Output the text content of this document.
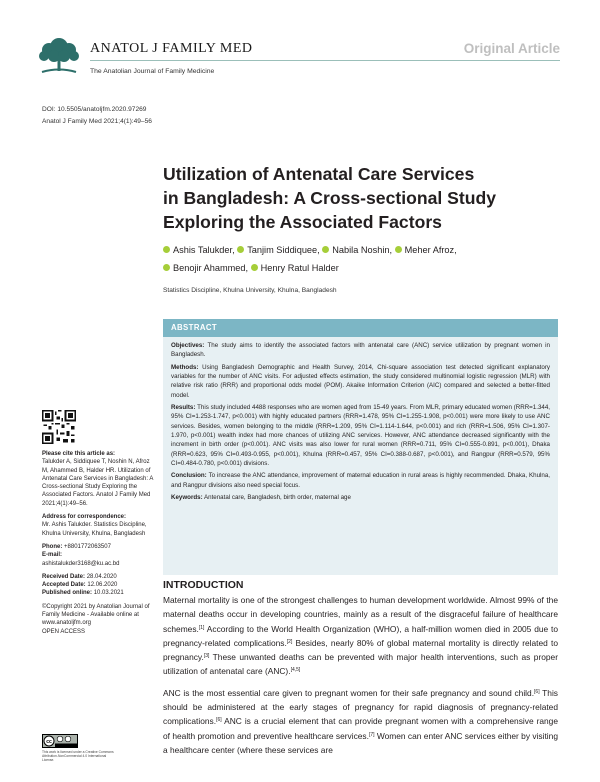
ANATOL J FAMILY MED
The Anatolian Journal of Family Medicine
Original Article
DOI: 10.5505/anatoljfm.2020.97269
Anatol J Family Med 2021;4(1):49–56
Utilization of Antenatal Care Services
in Bangladesh: A Cross-sectional Study
Exploring the Associated Factors
Ashis Talukder, Tanjim Siddiquee, Nabila Noshin, Meher Afroz,
Benojir Ahammed, Henry Ratul Halder
Statistics Discipline, Khulna University, Khulna, Bangladesh
ABSTRACT

Objectives: The study aims to identify the associated factors with antenatal care (ANC) service utilization by pregnant women in Bangladesh.

Methods: Using Bangladesh Demographic and Health Survey, 2014, Chi-square association test detected significant explanatory variables for the number of ANC visits. For adjusted effects estimation, the study considered multinomial logistic regression (MLR) with relative risk ratio (RRR) and proportional odds model (POM). Akaike Information Criterion (AIC) compared and selected a better-fitted model.

Results: This study included 4488 responses who are women aged from 15-49 years. From MLR, primary educated women (RRR=1.344, 95% CI=1.253-1.747, p<0.001) with highly educated partners (RRR=1.478, 95% CI=1.255-1.908, p<0.001) were more likely to use ANC services. Besides, women belonging to the middle (RRR=1.209, 95% CI=1.114-1.644, p<0.001) and rich (RRR=1.506, 95% CI=1.307-1.970, p<0.001) wealth index had more chances of utilizing ANC services. However, ANC attendance decreased significantly with the increment in birth order (p<0.001). ANC visits was also lower for rural women (RRR=0.711, 95% CI=0.555-0.891, p<0.001), Dhaka (RRR=0.623, 95% CI=0.493-0.955, p<0.001), Khulna (RRR=0.457, 95% CI=0.388-0.687, p<0.001), and Rangpur (RRR=0.579, 95% CI=0.484-0.780, p<0.001) divisions.

Conclusion: To increase the ANC attendance, improvement of maternal education in rural areas is highly recommended. Dhaka, Khulna, and Rangpur divisions also need special focus.

Keywords: Antenatal care, Bangladesh, birth order, maternal age

Please cite this article as:
Talukder A, Siddiquee T, Noshin N, Afroz M, Ahammed B, Halder HR. Utilization of Antenatal Care Services in Bangladesh: A Cross-sectional Study Exploring the Associated Factors. Anatol J Family Med 2021;4(1):49–56.
Address for correspondence:
Mr. Ashis Talukder. Statistics Discipline, Khulna University, Khulna, Bangladesh
Phone: +8801772063507
E-mail:
ashistalukder3168@ku.ac.bd
Received Date: 28.04.2020
Accepted Date: 12.06.2020
Published online: 10.03.2021
©Copyright 2021 by Anatolian Journal of Family Medicine - Available online at www.anatoljfm.org
OPEN ACCESS
cc
This work is licensed under a Creative Commons Attribution-NonCommercial 4.0 International License.
INTRODUCTION

Maternal mortality is one of the strongest challenges to human development worldwide. Almost 99% of the maternal deaths occur in developing countries, mainly as a result of the disgraceful failure of healthcare schemes.[1] According to the World Health Organization (WHO), a half-million women died in 2005 due to pregnancy-related complications.[2] Besides, nearly 80% of global maternal mortality is directly related to pregnancy.[3] These unwanted deaths can be prevented with major health interventions, such as proper utilization of antenatal care (ANC).[4,5]

ANC is the most essential care given to pregnant women for their safe pregnancy and sound child.[6] This should be administered at the early stages of pregnancy for rapid diagnosis of pregnancy-related complications.[6] ANC is a crucial element that can provide pregnant women with a comprehensive range of health promotion and preventive healthcare services.[7] Women can enter ANC services either by visiting a healthcare center (where these services are
